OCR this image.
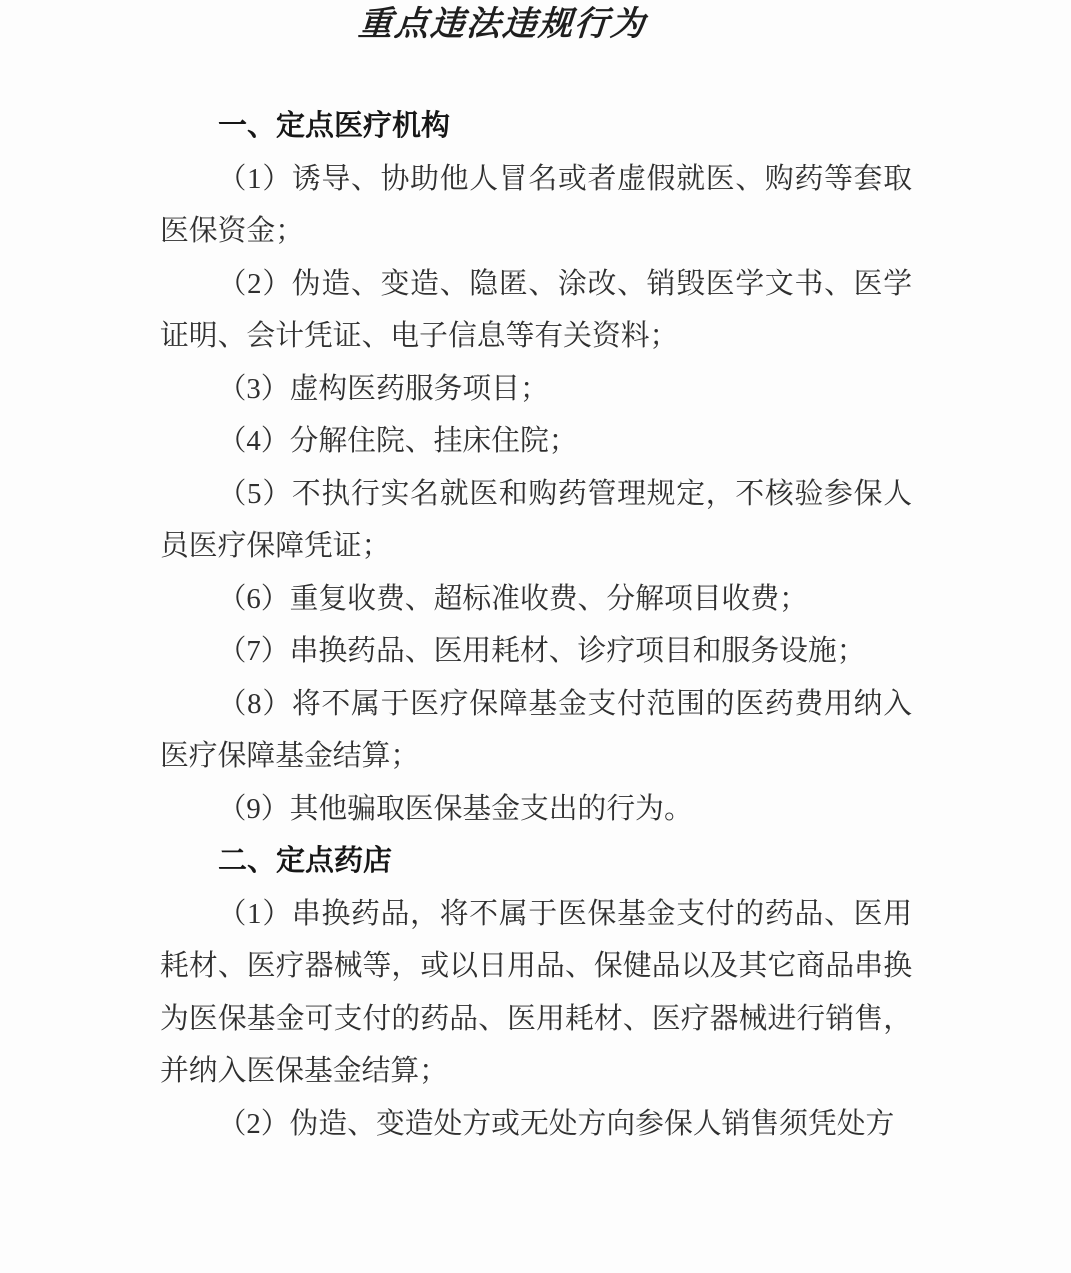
重点违法违规行为
一、定点医疗机构

（1）诱导、协助他人冒名或者虚假就医、购药等套取医保资金；

（2）伪造、变造、隐匿、涂改、销毁医学文书、医学证明、会计凭证、电子信息等有关资料；

（3）虚构医药服务项目；

（4）分解住院、挂床住院；

（5）不执行实名就医和购药管理规定，不核验参保人员医疗保障凭证；

（6）重复收费、超标准收费、分解项目收费；

（7）串换药品、医用耗材、诊疗项目和服务设施；

（8）将不属于医疗保障基金支付范围的医药费用纳入医疗保障基金结算；

（9）其他骗取医保基金支出的行为。

二、定点药店

（1）串换药品，将不属于医保基金支付的药品、医用耗材、医疗器械等，或以日用品、保健品以及其它商品串换为医保基金可支付的药品、医用耗材、医疗器械进行销售，并纳入医保基金结算；

（2）伪造、变造处方或无处方向参保人销售须凭处方
